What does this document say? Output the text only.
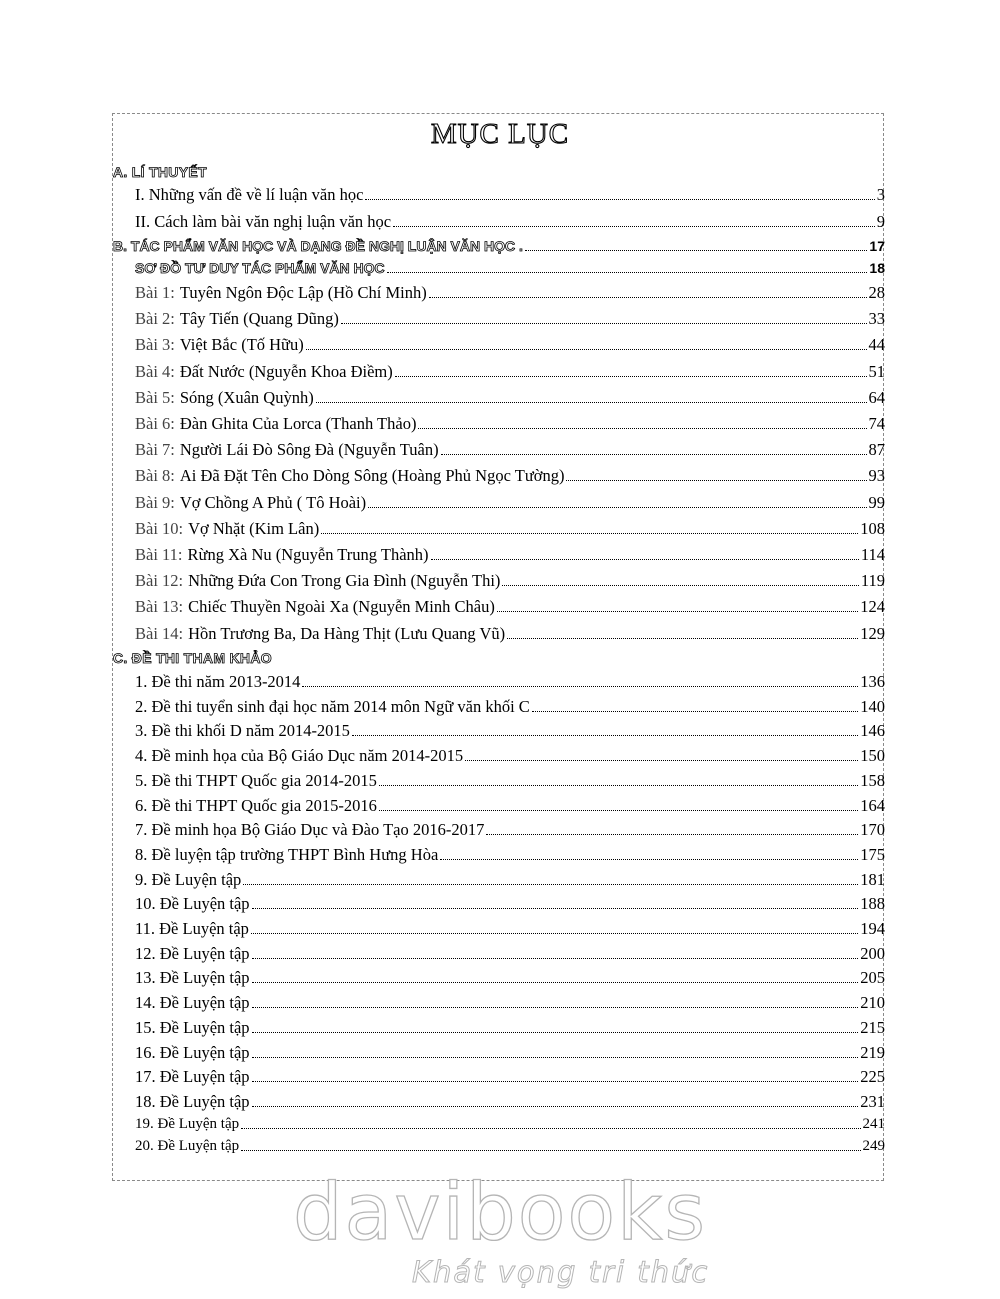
MỤC LỤC
A. LÍ THUYẾT
I. Những vấn đề về lí luận văn học	3
II. Cách làm bài văn nghị luận văn học	9
B. TÁC PHẨM VĂN HỌC VÀ DẠNG ĐỀ NGHỊ LUẬN VĂN HỌC .	17
SƠ ĐỒ TƯ DUY TÁC PHẨM VĂN HỌC	18
Bài 1: Tuyên Ngôn Độc Lập (Hồ Chí Minh)	28
Bài 2: Tây Tiến (Quang Dũng)	33
Bài 3: Việt Bắc (Tố Hữu)	44
Bài 4: Đất Nước (Nguyễn Khoa Điềm)	51
Bài 5: Sóng (Xuân Quỳnh)	64
Bài 6: Đàn Ghita Của Lorca (Thanh Thảo)	74
Bài 7: Người Lái Đò Sông Đà (Nguyễn Tuân)	87
Bài 8: Ai Đã Đặt Tên Cho Dòng Sông (Hoàng Phủ Ngọc Tường)	93
Bài 9: Vợ Chồng A Phủ ( Tô Hoài)	99
Bài 10: Vợ Nhặt (Kim Lân)	108
Bài 11: Rừng Xà Nu (Nguyễn Trung Thành)	114
Bài 12: Những Đứa Con Trong Gia Đình (Nguyễn Thi)	119
Bài 13: Chiếc Thuyền Ngoài Xa (Nguyễn Minh Châu)	124
Bài 14: Hồn Trương Ba, Da Hàng Thịt (Lưu Quang Vũ)	129
C. ĐỀ THI THAM KHẢO
1. Đề thi năm 2013-2014	136
2. Đề thi tuyển sinh đại học năm 2014 môn Ngữ văn khối C	140
3. Đề thi khối D năm 2014-2015	146
4. Đề minh họa của Bộ Giáo Dục năm 2014-2015	150
5. Đề thi THPT Quốc gia 2014-2015	158
6. Đề thi THPT Quốc gia 2015-2016	164
7. Đề minh họa Bộ Giáo Dục và Đào Tạo 2016-2017	170
8. Đề luyện tập trường THPT Bình Hưng Hòa	175
9. Đề Luyện tập	181
10. Đề Luyện tập	188
11. Đề Luyện tập	194
12. Đề Luyện tập	200
13. Đề Luyện tập	205
14. Đề Luyện tập	210
15. Đề Luyện tập	215
16. Đề Luyện tập	219
17. Đề Luyện tập	225
18. Đề Luyện tập	231
19. Đề Luyện tập	241
20. Đề Luyện tập	249
davibooks
Khát vọng tri thức
